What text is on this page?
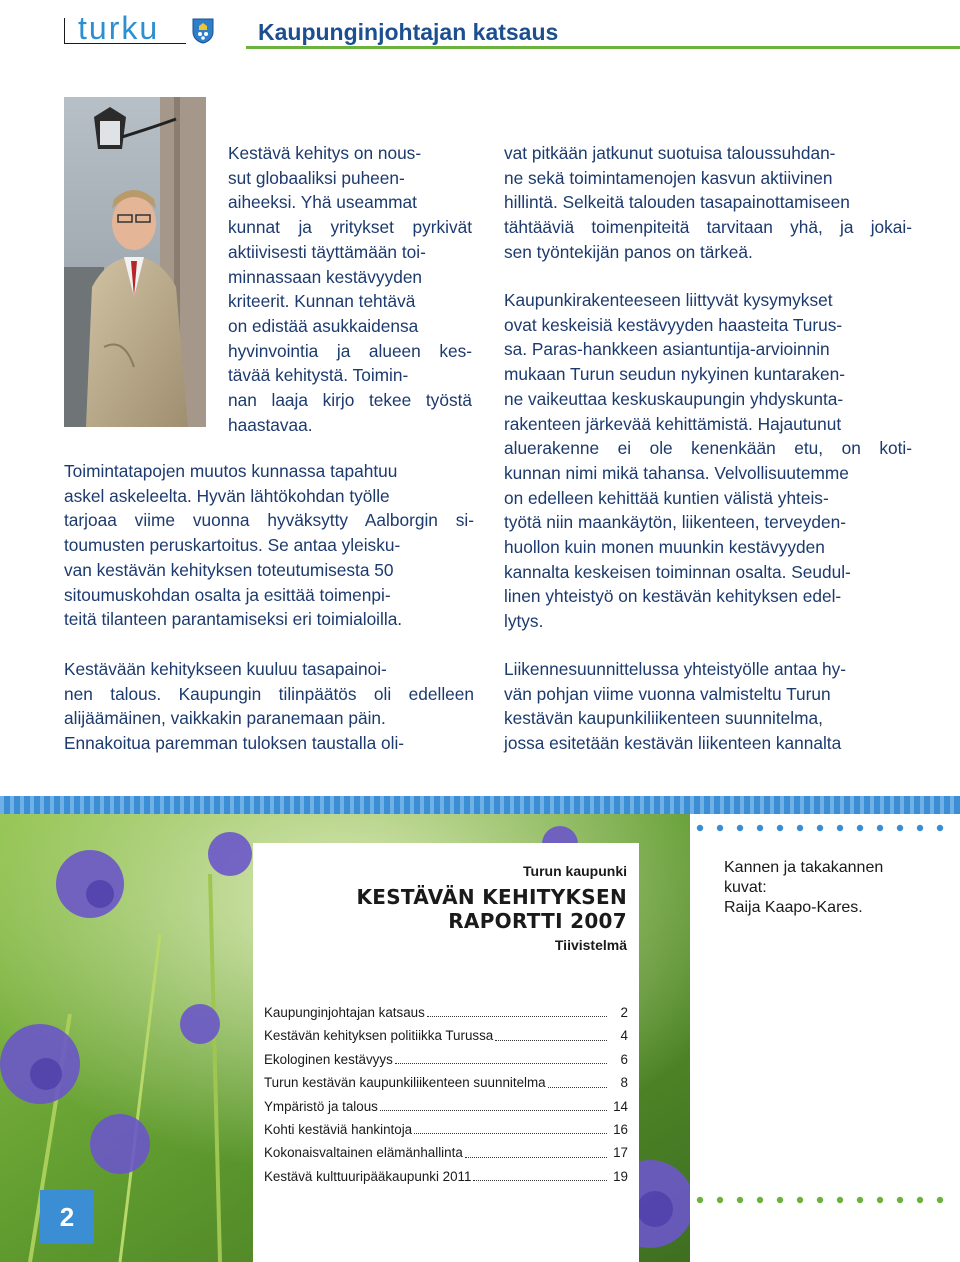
turku	Kaupunginjohtajan katsaus
Kestävä kehitys on nous-
sut globaaliksi puheen-
aiheeksi. Yhä useammat
kunnat ja yritykset pyrkivät
aktiivisesti täyttämään toi-
minnassaan kestävyyden
kriteerit. Kunnan tehtävä
on edistää asukkaidensa
hyvinvointia ja alueen kes-
tävää kehitystä. Toimin-
nan laaja kirjo tekee työstä
haastavaa.
Toimintatapojen muutos kunnassa tapahtuu
askel askeleelta. Hyvän lähtökohdan työlle
tarjoaa viime vuonna hyväksytty Aalborgin si-
toumusten peruskartoitus. Se antaa yleisku-
van kestävän kehityksen toteutumisesta 50
sitoumuskohdan osalta ja esittää toimenpi-
teitä tilanteen parantamiseksi eri toimialoilla.
Kestävään kehitykseen kuuluu tasapainoi-
nen talous. Kaupungin tilinpäätös oli edelleen
alijäämäinen, vaikkakin paranemaan päin.
Ennakoitua paremman tuloksen taustalla oli-
vat pitkään jatkunut suotuisa taloussuhdan-
ne sekä toimintamenojen kasvun aktiivinen
hillintä. Selkeitä talouden tasapainottamiseen
tähtääviä toimenpiteitä tarvitaan yhä, ja jokai-
sen työntekijän panos on tärkeä.
Kaupunkirakenteeseen liittyvät kysymykset
ovat keskeisiä kestävyyden haasteita Turus-
sa. Paras-hankkeen asiantuntija-arvioinnin
mukaan Turun seudun nykyinen kuntaraken-
ne vaikeuttaa keskuskaupungin yhdyskunta-
rakenteen järkevää kehittämistä. Hajautunut
aluerakenne ei ole kenenkään etu, on koti-
kunnan nimi mikä tahansa. Velvollisuutemme
on edelleen kehittää kuntien välistä yhteis-
työtä niin maankäytön, liikenteen, terveyden-
huollon kuin monen muunkin kestävyyden
kannalta keskeisen toiminnan osalta. Seudul-
linen yhteistyö on kestävän kehityksen edel-
lytys.
Liikennesuunnittelussa yhteistyölle antaa hy-
vän pohjan viime vuonna valmisteltu Turun
kestävän kaupunkiliikenteen suunnitelma,
jossa esitetään kestävän liikenteen kannalta
Turun kaupunki
KESTÄVÄN KEHITYKSEN
RAPORTTI 2007
Tiivistelmä
Kaupunginjohtajan katsaus	2
Kestävän kehityksen politiikka Turussa	4
Ekologinen kestävyys	6
Turun kestävän kaupunkiliikenteen suunnitelma	8
Ympäristö ja talous	14
Kohti kestäviä hankintoja	16
Kokonaisvaltainen elämänhallinta	17
Kestävä kulttuuripääkaupunki 2011	19
Kannen ja takakannen
kuvat:
Raija Kaapo-Kares.
2
